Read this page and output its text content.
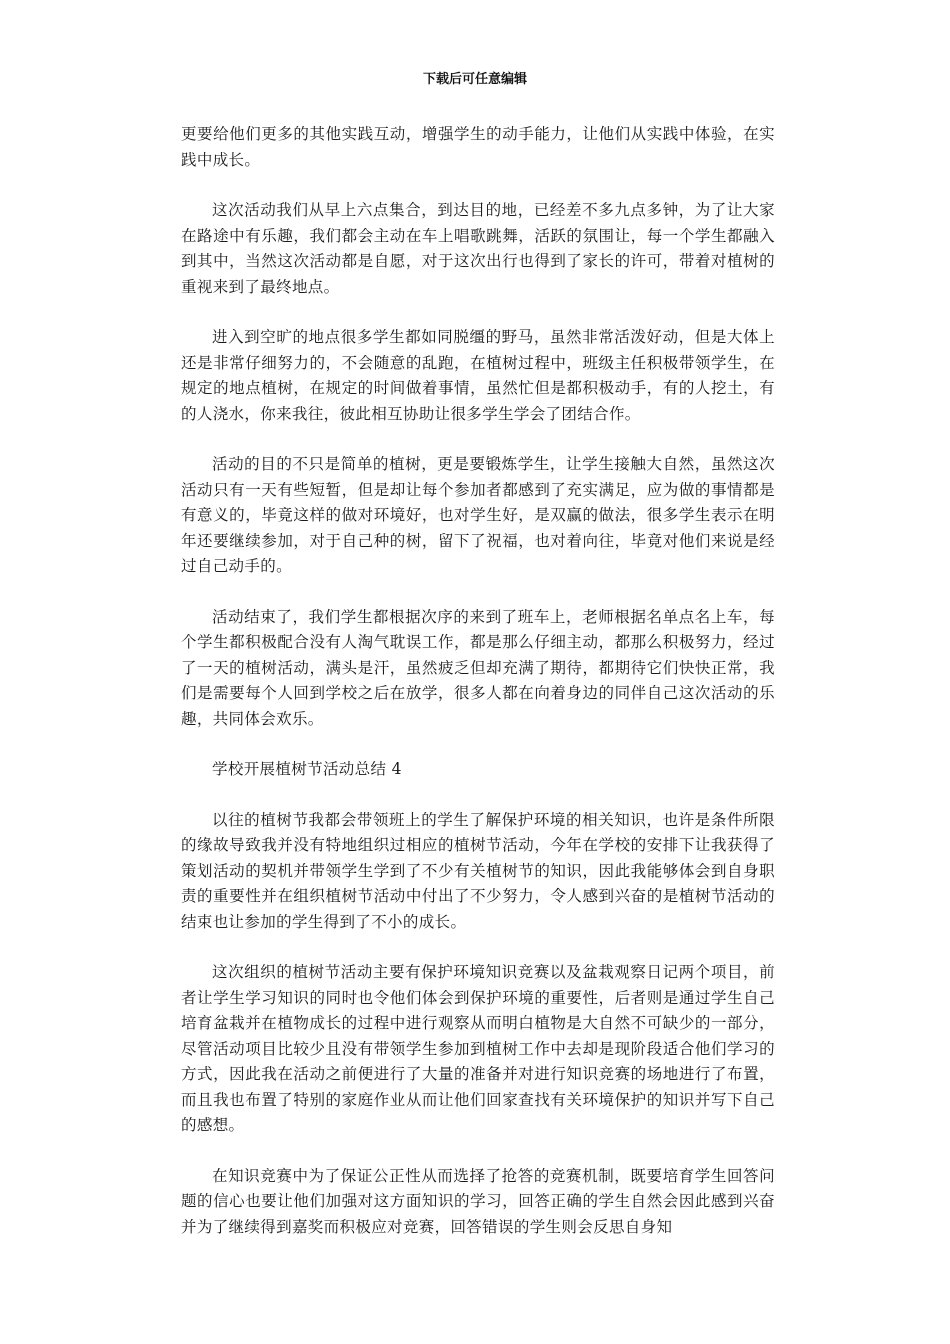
下载后可任意编辑

更要给他们更多的其他实践互动，增强学生的动手能力，让他们从实践中体验，在实践中成长。

这次活动我们从早上六点集合，到达目的地，已经差不多九点多钟，为了让大家在路途中有乐趣，我们都会主动在车上唱歌跳舞，活跃的氛围让，每一个学生都融入到其中，当然这次活动都是自愿，对于这次出行也得到了家长的许可，带着对植树的重视来到了最终地点。

进入到空旷的地点很多学生都如同脱缰的野马，虽然非常活泼好动，但是大体上还是非常仔细努力的，不会随意的乱跑，在植树过程中，班级主任积极带领学生，在规定的地点植树，在规定的时间做着事情，虽然忙但是都积极动手，有的人挖土，有的人浇水，你来我往，彼此相互协助让很多学生学会了团结合作。

活动的目的不只是简单的植树，更是要锻炼学生，让学生接触大自然，虽然这次活动只有一天有些短暂，但是却让每个参加者都感到了充实满足，应为做的事情都是有意义的，毕竟这样的做对环境好，也对学生好，是双赢的做法，很多学生表示在明年还要继续参加，对于自己种的树，留下了祝福，也对着向往，毕竟对他们来说是经过自己动手的。

活动结束了，我们学生都根据次序的来到了班车上，老师根据名单点名上车，每个学生都积极配合没有人淘气耽误工作，都是那么仔细主动，都那么积极努力，经过了一天的植树活动，满头是汗，虽然疲乏但却充满了期待，都期待它们快快正常，我们是需要每个人回到学校之后在放学，很多人都在向着身边的同伴自己这次活动的乐趣，共同体会欢乐。

学校开展植树节活动总结 4

以往的植树节我都会带领班上的学生了解保护环境的相关知识，也许是条件所限的缘故导致我并没有特地组织过相应的植树节活动，今年在学校的安排下让我获得了策划活动的契机并带领学生学到了不少有关植树节的知识，因此我能够体会到自身职责的重要性并在组织植树节活动中付出了不少努力，令人感到兴奋的是植树节活动的结束也让参加的学生得到了不小的成长。

这次组织的植树节活动主要有保护环境知识竞赛以及盆栽观察日记两个项目，前者让学生学习知识的同时也令他们体会到保护环境的重要性，后者则是通过学生自己培育盆栽并在植物成长的过程中进行观察从而明白植物是大自然不可缺少的一部分，尽管活动项目比较少且没有带领学生参加到植树工作中去却是现阶段适合他们学习的方式，因此我在活动之前便进行了大量的准备并对进行知识竞赛的场地进行了布置，而且我也布置了特别的家庭作业从而让他们回家查找有关环境保护的知识并写下自己的感想。

在知识竞赛中为了保证公正性从而选择了抢答的竞赛机制，既要培育学生回答问题的信心也要让他们加强对这方面知识的学习，回答正确的学生自然会因此感到兴奋并为了继续得到嘉奖而积极应对竞赛，回答错误的学生则会反思自身知
